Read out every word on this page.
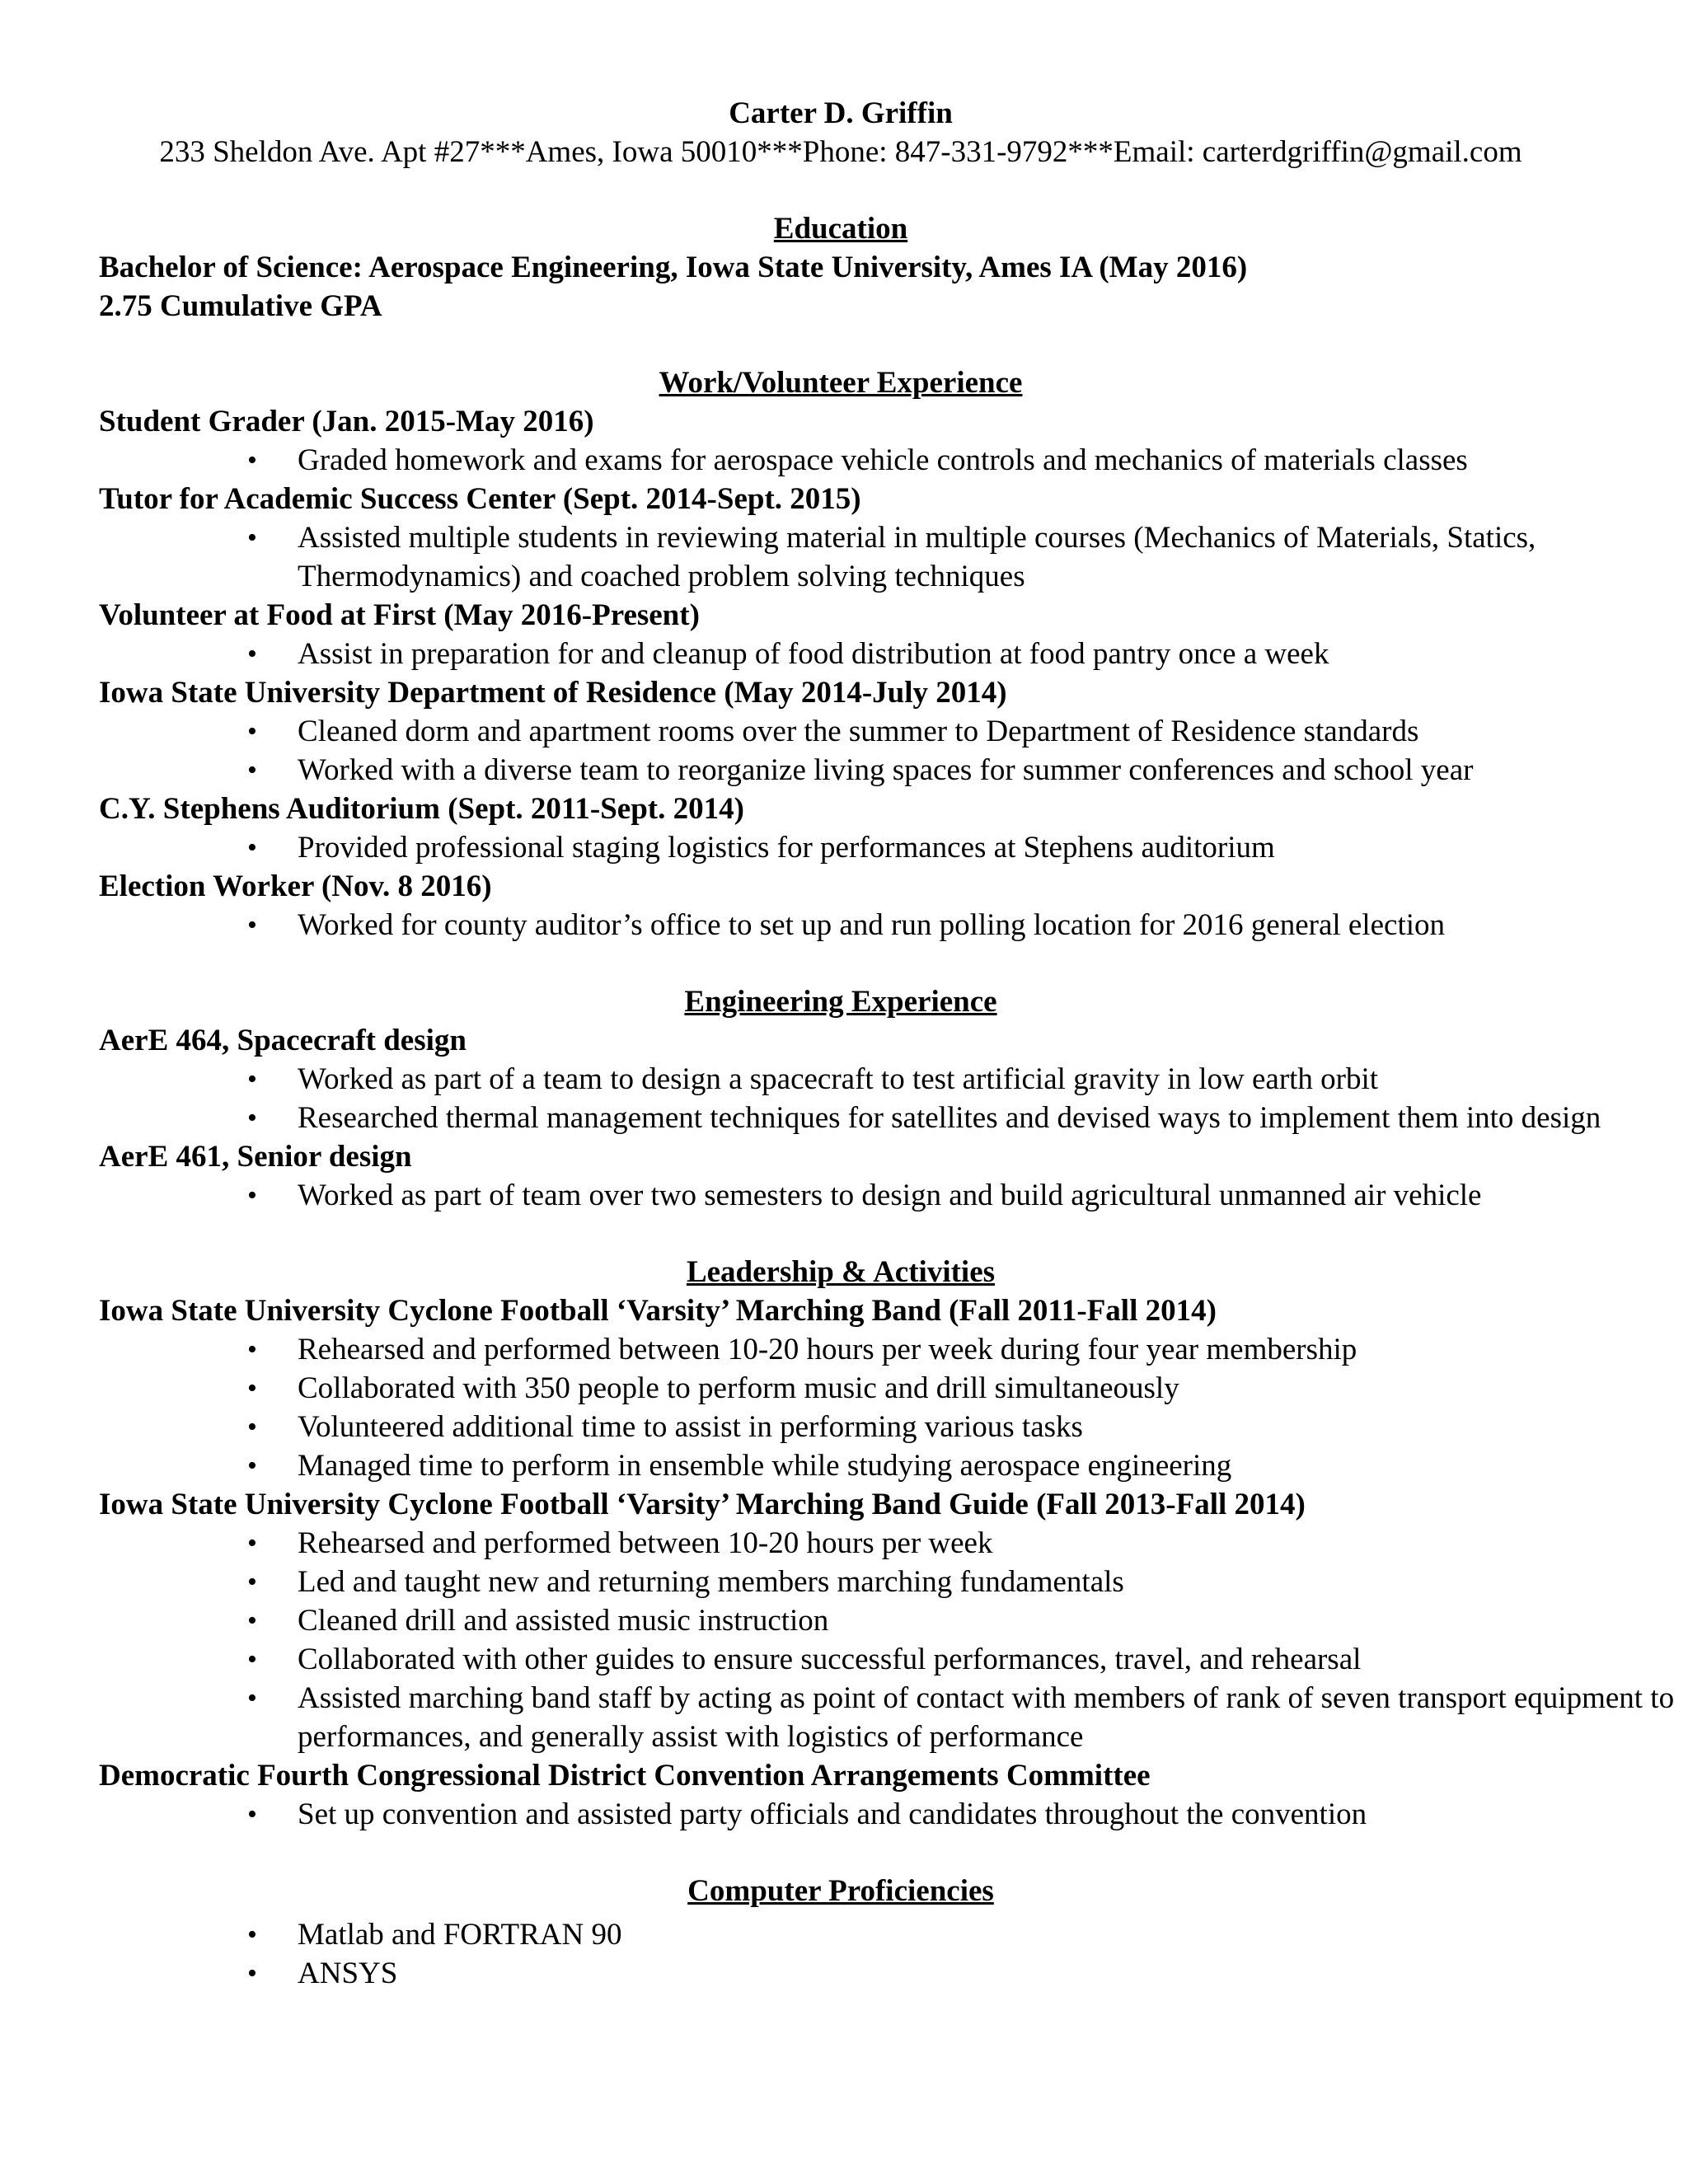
Carter D. Griffin
233 Sheldon Ave. Apt #27***Ames, Iowa 50010***Phone: 847-331-9792***Email: carterdgriffin@gmail.com
Education
Bachelor of Science: Aerospace Engineering, Iowa State University, Ames IA (May 2016)
2.75 Cumulative GPA
Work/Volunteer Experience
Student Grader (Jan. 2015-May 2016)
• Graded homework and exams for aerospace vehicle controls and mechanics of materials classes
Tutor for Academic Success Center (Sept. 2014-Sept. 2015)
• Assisted multiple students in reviewing material in multiple courses (Mechanics of Materials, Statics, Thermodynamics) and coached problem solving techniques
Volunteer at Food at First (May 2016-Present)
• Assist in preparation for and cleanup of food distribution at food pantry once a week
Iowa State University Department of Residence (May 2014-July 2014)
• Cleaned dorm and apartment rooms over the summer to Department of Residence standards
• Worked with a diverse team to reorganize living spaces for summer conferences and school year
C.Y. Stephens Auditorium (Sept. 2011-Sept. 2014)
• Provided professional staging logistics for performances at Stephens auditorium
Election Worker (Nov. 8 2016)
• Worked for county auditor’s office to set up and run polling location for 2016 general election
Engineering Experience
AerE 464, Spacecraft design
• Worked as part of a team to design a spacecraft to test artificial gravity in low earth orbit
• Researched thermal management techniques for satellites and devised ways to implement them into design
AerE 461, Senior design
• Worked as part of team over two semesters to design and build agricultural unmanned air vehicle
Leadership & Activities
Iowa State University Cyclone Football ‘Varsity’ Marching Band (Fall 2011-Fall 2014)
• Rehearsed and performed between 10-20 hours per week during four year membership
• Collaborated with 350 people to perform music and drill simultaneously
• Volunteered additional time to assist in performing various tasks
• Managed time to perform in ensemble while studying aerospace engineering
Iowa State University Cyclone Football ‘Varsity’ Marching Band Guide (Fall 2013-Fall 2014)
• Rehearsed and performed between 10-20 hours per week
• Led and taught new and returning members marching fundamentals
• Cleaned drill and assisted music instruction
• Collaborated with other guides to ensure successful performances, travel, and rehearsal
• Assisted marching band staff by acting as point of contact with members of rank of seven transport equipment to performances, and generally assist with logistics of performance
Democratic Fourth Congressional District Convention Arrangements Committee
• Set up convention and assisted party officials and candidates throughout the convention
Computer Proficiencies
• Matlab and FORTRAN 90
• ANSYS
